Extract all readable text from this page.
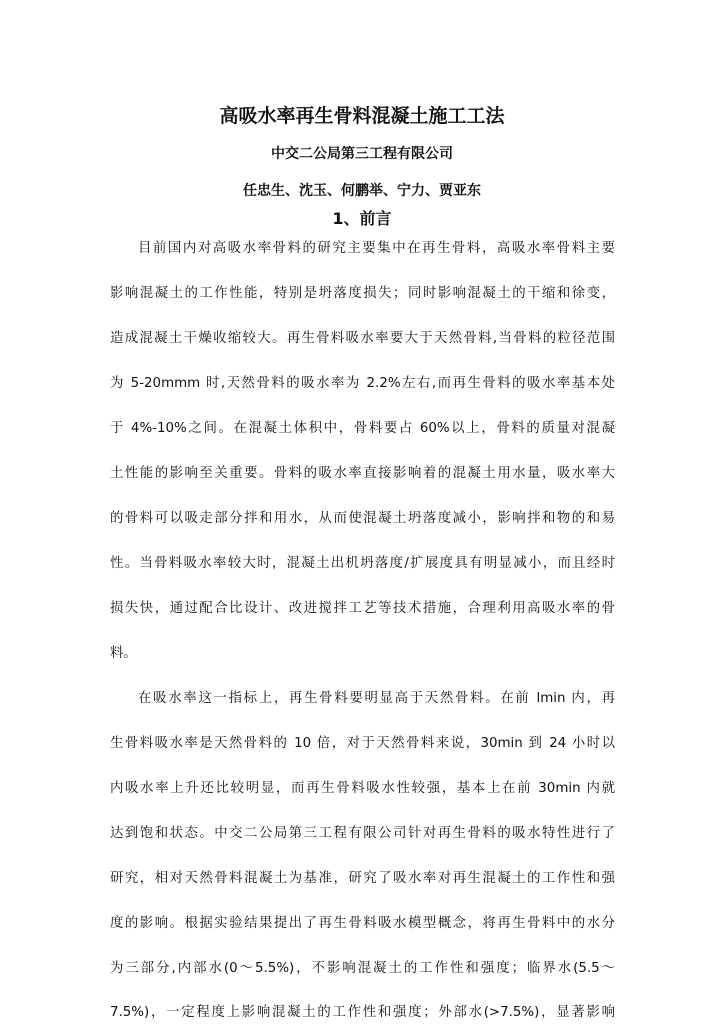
高吸水率再生骨料混凝土施工工法
中交二公局第三工程有限公司
任忠生、沈玉、何鹏举、宁力、贾亚东
1、前言
目前国内对高吸水率骨料的研究主要集中在再生骨料，高吸水率骨料主要
影响混凝土的工作性能，特别是坍落度损失；同时影响混凝土的干缩和徐变，
造成混凝土干燥收缩较大。再生骨料吸水率要大于天然骨料,当骨料的粒径范围
为 5-20mmm 时,天然骨料的吸水率为 2.2%左右,而再生骨料的吸水率基本处
于 4%-10%之间。在混凝土体积中，骨料要占 60%以上，骨料的质量对混凝
土性能的影响至关重要。骨料的吸水率直接影响着的混凝土用水量，吸水率大
的骨料可以吸走部分拌和用水，从而使混凝土坍落度减小，影响拌和物的和易
性。当骨料吸水率较大时，混凝土出机坍落度/扩展度具有明显减小，而且经时
损失快，通过配合比设计、改进搅拌工艺等技术措施，合理利用高吸水率的骨
料。
在吸水率这一指标上，再生骨料要明显高于天然骨料。在前 lmin 内，再
生骨料吸水率是天然骨料的 10 倍，对于天然骨料来说，30min 到 24 小时以
内吸水率上升还比较明显，而再生骨料吸水性较强，基本上在前 30min 内就
达到饱和状态。中交二公局第三工程有限公司针对再生骨料的吸水特性进行了
研究，相对天然骨料混凝土为基准，研究了吸水率对再生混凝土的工作性和强
度的影响。根据实验结果提出了再生骨料吸水模型概念，将再生骨料中的水分
为三部分,内部水(0～5.5%)，不影响混凝土的工作性和强度；临界水(5.5～
7.5%)，一定程度上影响混凝土的工作性和强度；外部水(>7.5%)，显著影响
